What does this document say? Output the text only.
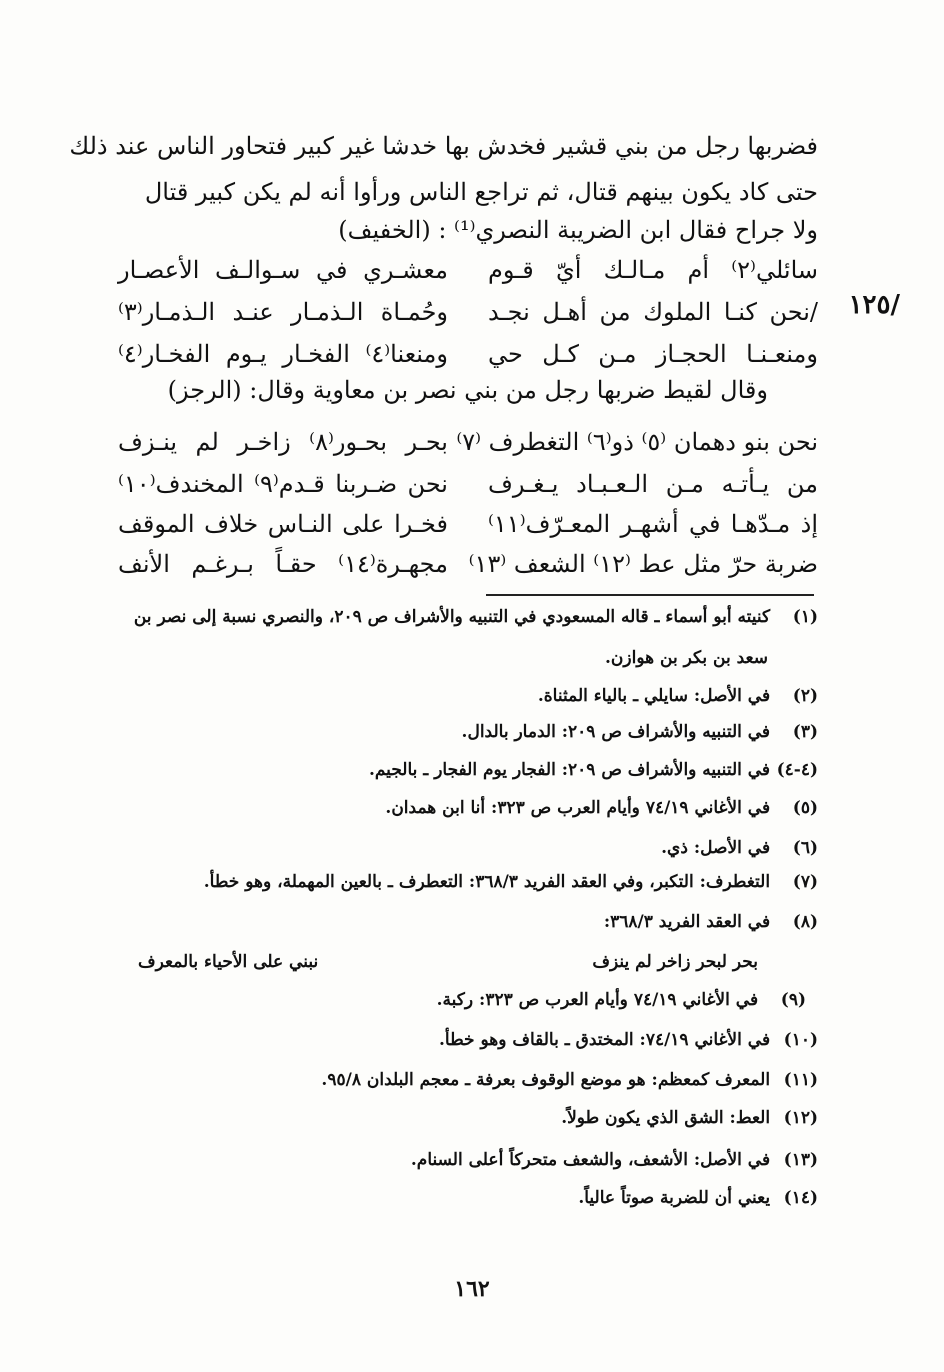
فضربها رجل من بني قشير فخدش بها خدشا غير كبير فتحاور الناس عند ذلك
حتى كاد يكون بينهم قتال، ثم تراجع الناس ورأوا أنه لم يكن كبير قتال
ولا جراح فقال ابن الضريبة النصري⁽¹⁾ : (الخفيف)
سائلي⁽٢⁾ أم مـالـك أيّ قـوم
معشـري في سـوالـف الأعصـار
/١٢٥
/نحن كنـا الملوك من أهـل نجـد
وحُمـاة الـذمـار عنـد الـذمـار⁽٣⁾
ومنعـنـا الحجـاز مـن كـل حي
ومنعنا⁽٤⁾ الفخـار يـوم الفخـار⁽٤⁾
وقال لقيط ضربها رجل من بني نصر بن معاوية وقال: (الرجز)
نحن بنو دهمان ⁽٥⁾ ذو⁽٦⁾ التغطرف ⁽٧⁾
بحـر بحـور⁽٨⁾ زاخـر لم ينـزف
من يـأتـه مـن الـعـبـاد يـغـرف
نحن ضـربنا قـدم⁽٩⁾ المخندف⁽١٠⁾
إذ مـدّهـا في أشهـر المعـرّف⁽١١⁾
فخـرا على النـاس خلاف الموقف
ضربة حرّ مثل عط ⁽١٢⁾ الشعف ⁽١٣⁾
مجهـرة⁽١٤⁾ حقـاً بـرغـم الأنف
(١) كنيته أبو أسماء ـ قاله المسعودي في التنبيه والأشراف ص ٢٠٩، والنصري نسبة إلى نصر بن
سعد بن بكر بن هوازن.
(٢) في الأصل: سايلي ـ بالياء المثناة.
(٣) في التنبيه والأشراف ص ٢٠٩: الدمار بالدال.
(٤-٤) في التنبيه والأشراف ص ٢٠٩: الفجار يوم الفجار ـ بالجيم.
(٥) في الأغاني ٧٤/١٩ وأيام العرب ص ٣٢٣: أنا ابن همدان.
(٦) في الأصل: ذي.
(٧) التغطرف: التكبر، وفي العقد الفريد ٣٦٨/٣: التعطرف ـ بالعين المهملة، وهو خطأ.
(٨) في العقد الفريد ٣٦٨/٣:
بحر لبحر زاخر لم ينزف
نبني على الأحياء بالمعرف
(٩) في الأغاني ٧٤/١٩ وأيام العرب ص ٣٢٣: ركبة.
(١٠) في الأغاني ٧٤/١٩: المختدق ـ بالقاف وهو خطأ.
(١١) المعرف كمعظم: هو موضع الوقوف بعرفة ـ معجم البلدان ٩٥/٨.
(١٢) العط: الشق الذي يكون طولاً.
(١٣) في الأصل: الأشعف، والشعف متحركاً أعلى السنام.
(١٤) يعني أن للضربة صوتاً عالياً.
١٦٢
